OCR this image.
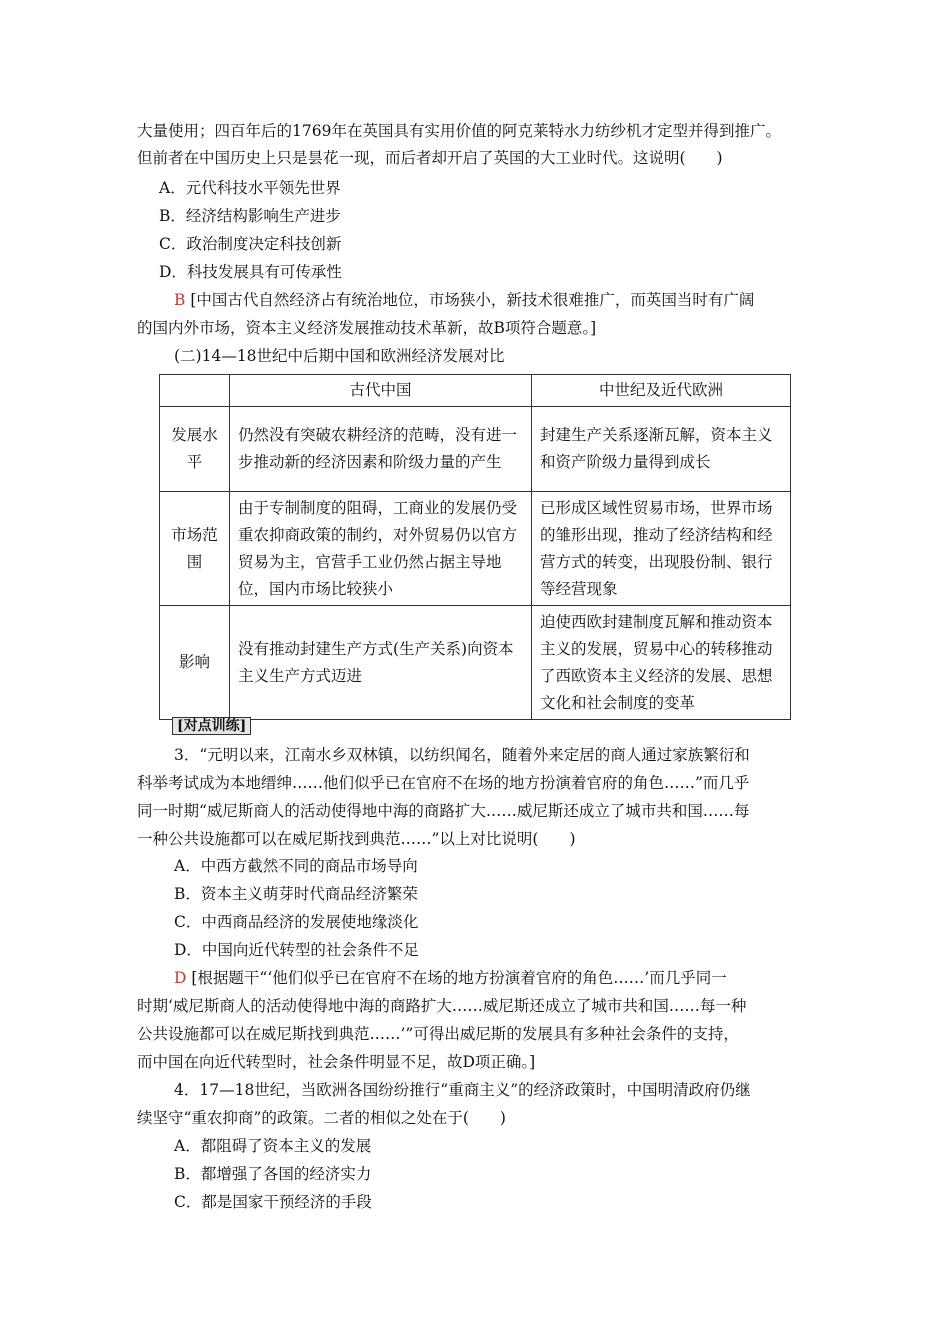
大量使用；四百年后的1769年在英国具有实用价值的阿克莱特水力纺纱机才定型并得到推广。
但前者在中国历史上只是昙花一现，而后者却开启了英国的大工业时代。这说明(　　)
A．元代科技水平领先世界
B．经济结构影响生产进步
C．政治制度决定科技创新
D．科技发展具有可传承性
B [中国古代自然经济占有统治地位，市场狭小，新技术很难推广，而英国当时有广阔
的国内外市场，资本主义经济发展推动技术革新，故B项符合题意。]
(二)14—18世纪中后期中国和欧洲经济发展对比
	古代中国	中世纪及近代欧洲
发展水平	仍然没有突破农耕经济的范畴，没有进一步推动新的经济因素和阶级力量的产生	封建生产关系逐渐瓦解，资本主义和资产阶级力量得到成长
市场范围	由于专制制度的阻碍，工商业的发展仍受重农抑商政策的制约，对外贸易仍以官方贸易为主，官营手工业仍然占据主导地位，国内市场比较狭小	已形成区域性贸易市场，世界市场的雏形出现，推动了经济结构和经营方式的转变，出现股份制、银行等经营现象
影响	没有推动封建生产方式(生产关系)向资本主义生产方式迈进	迫使西欧封建制度瓦解和推动资本主义的发展，贸易中心的转移推动了西欧资本主义经济的发展、思想文化和社会制度的变革
[对点训练]
3．“元明以来，江南水乡双林镇，以纺织闻名，随着外来定居的商人通过家族繁衍和
科举考试成为本地缙绅……他们似乎已在官府不在场的地方扮演着官府的角色……”而几乎
同一时期“威尼斯商人的活动使得地中海的商路扩大……威尼斯还成立了城市共和国……每
一种公共设施都可以在威尼斯找到典范……”以上对比说明(　　)
A．中西方截然不同的商品市场导向
B．资本主义萌芽时代商品经济繁荣
C．中西商品经济的发展使地缘淡化
D．中国向近代转型的社会条件不足
D [根据题干“‘他们似乎已在官府不在场的地方扮演着官府的角色……’而几乎同一
时期‘威尼斯商人的活动使得地中海的商路扩大……威尼斯还成立了城市共和国……每一种
公共设施都可以在威尼斯找到典范……’”可得出威尼斯的发展具有多种社会条件的支持，
而中国在向近代转型时，社会条件明显不足，故D项正确。]
4．17—18世纪，当欧洲各国纷纷推行“重商主义”的经济政策时，中国明清政府仍继
续坚守“重农抑商”的政策。二者的相似之处在于(　　)
A．都阻碍了资本主义的发展
B．都增强了各国的经济实力
C．都是国家干预经济的手段
